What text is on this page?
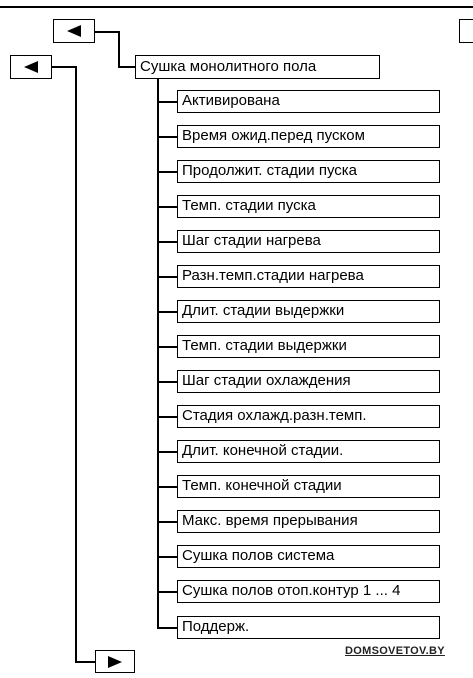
Сушка монолитного пола
Активирована
Время ожид.перед пуском
Продолжит. стадии пуска
Темп. стадии пуска
Шаг стадии нагрева
Разн.темп.стадии нагрева
Длит. стадии выдержки
Темп. стадии выдержки
Шаг стадии охлаждения
Стадия охлажд.разн.темп.
Длит. конечной стадии.
Темп. конечной стадии
Макс. время прерывания
Сушка полов система
Сушка полов отоп.контур 1 ... 4
Поддерж.
DOMSOVETOV.BY
